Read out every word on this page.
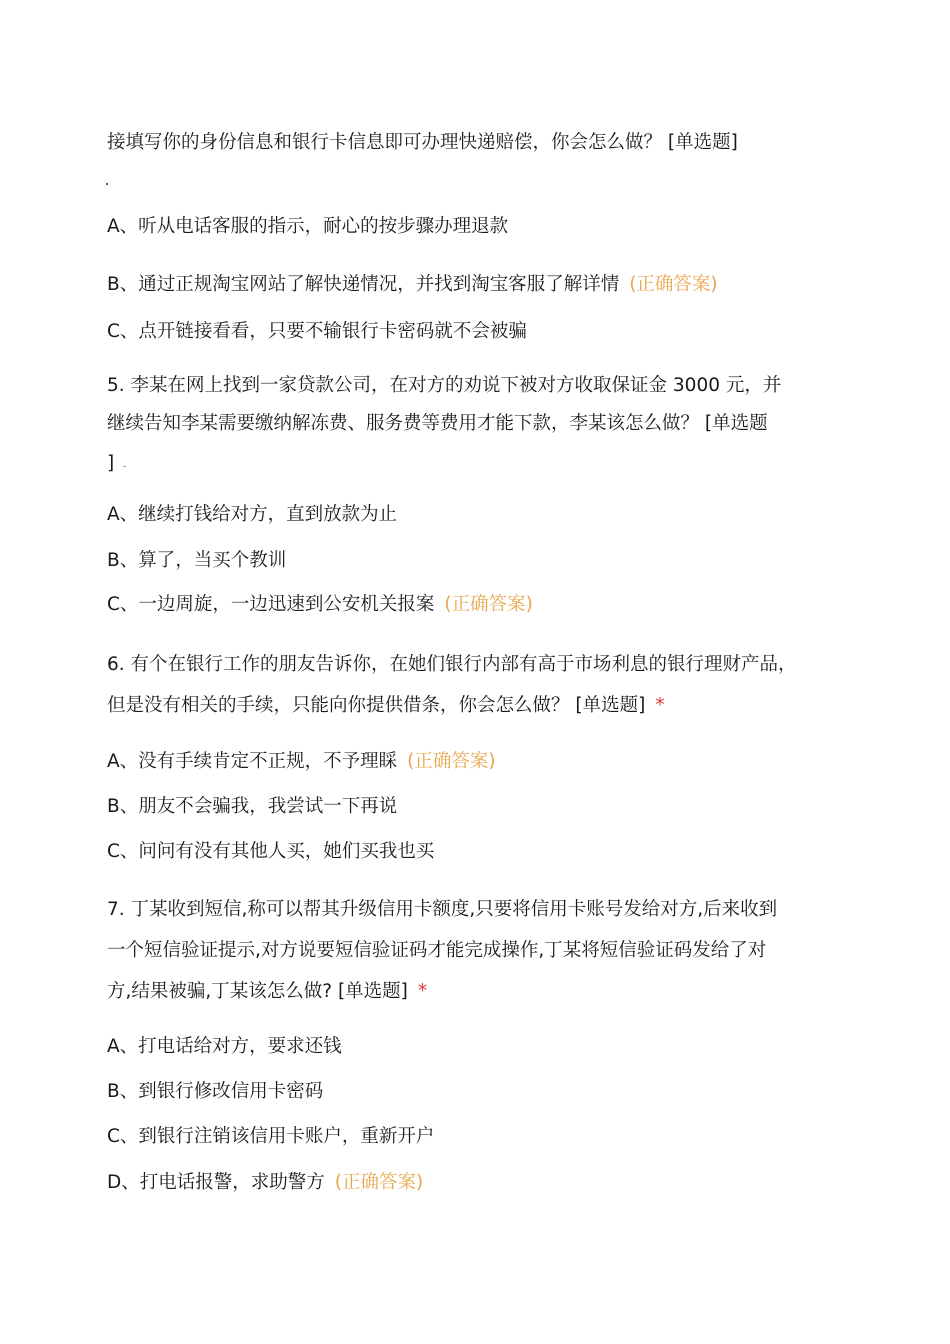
接填写你的身份信息和银行卡信息即可办理快递赔偿，你会怎么做？ [单选题]
A、听从电话客服的指示，耐心的按步骤办理退款
B、通过正规淘宝网站了解快递情况，并找到淘宝客服了解详情 (正确答案)
C、点开链接看看，只要不输银行卡密码就不会被骗
5. 李某在网上找到一家贷款公司，在对方的劝说下被对方收取保证金 3000 元，并
继续告知李某需要缴纳解冻费、服务费等费用才能下款，李某该怎么做？ [单选题
]
A、继续打钱给对方，直到放款为止
B、算了，当买个教训
C、一边周旋，一边迅速到公安机关报案 (正确答案)
6. 有个在银行工作的朋友告诉你，在她们银行内部有高于市场利息的银行理财产品，
但是没有相关的手续，只能向你提供借条，你会怎么做？ [单选题] *
A、没有手续肯定不正规，不予理睬 (正确答案)
B、朋友不会骗我，我尝试一下再说
C、问问有没有其他人买，她们买我也买
7. 丁某收到短信,称可以帮其升级信用卡额度,只要将信用卡账号发给对方,后来收到
一个短信验证提示,对方说要短信验证码才能完成操作,丁某将短信验证码发给了对
方,结果被骗,丁某该怎么做? [单选题] *
A、打电话给对方，要求还钱
B、到银行修改信用卡密码
C、到银行注销该信用卡账户，重新开户
D、打电话报警，求助警方 (正确答案)
